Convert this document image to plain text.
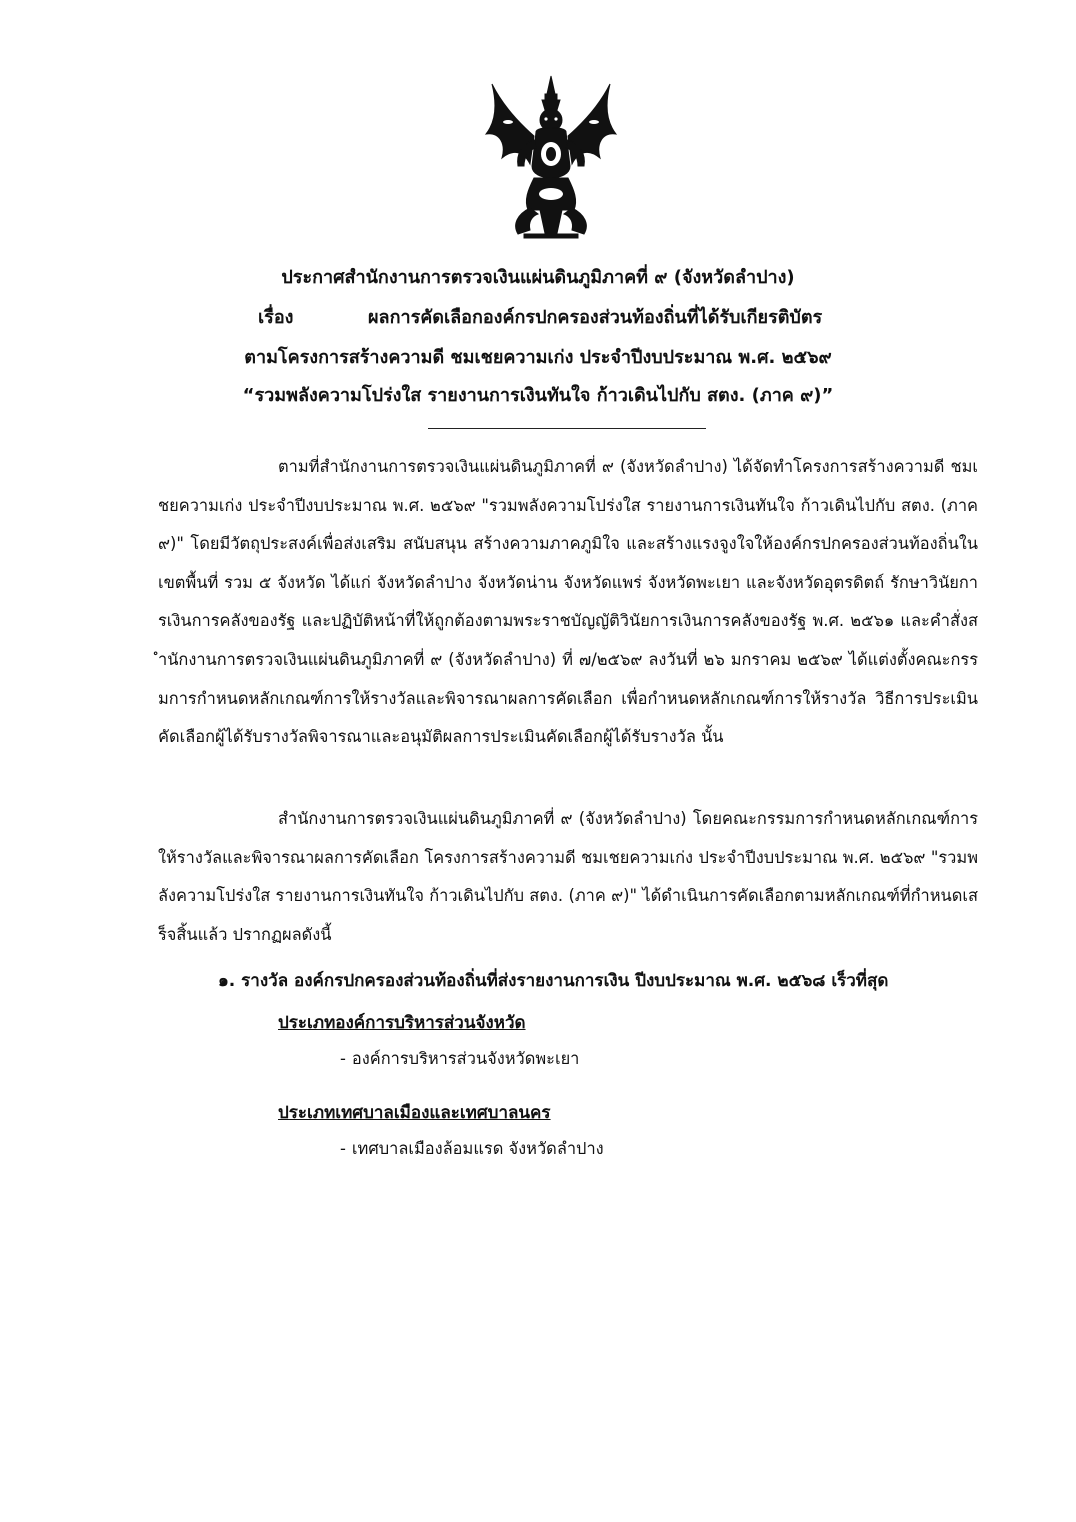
ประกาศสำนักงานการตรวจเงินแผ่นดินภูมิภาคที่ ๙ (จังหวัดลำปาง)
เรื่อง	ผลการคัดเลือกองค์กรปกครองส่วนท้องถิ่นที่ได้รับเกียรติบัตร
ตามโครงการสร้างความดี ชมเชยความเก่ง ประจำปีงบประมาณ พ.ศ. ๒๕๖๙
“รวมพลังความโปร่งใส รายงานการเงินทันใจ ก้าวเดินไปกับ สตง. (ภาค ๙)”
ตามที่สำนักงานการตรวจเงินแผ่นดินภูมิภาคที่ ๙ (จังหวัดลำปาง) ได้จัดทำโครงการสร้างความดี ชมเชยความเก่ง ประจำปีงบประมาณ พ.ศ. ๒๕๖๙ "รวมพลังความโปร่งใส รายงานการเงินทันใจ ก้าวเดินไปกับ สตง. (ภาค ๙)" โดยมีวัตถุประสงค์เพื่อส่งเสริม สนับสนุน สร้างความภาคภูมิใจ และสร้างแรงจูงใจให้องค์กรปกครองส่วนท้องถิ่นในเขตพื้นที่ รวม ๕ จังหวัด ได้แก่ จังหวัดลำปาง จังหวัดน่าน จังหวัดแพร่ จังหวัดพะเยา และจังหวัดอุตรดิตถ์ รักษาวินัยการเงินการคลังของรัฐ และปฏิบัติหน้าที่ให้ถูกต้องตามพระราชบัญญัติวินัยการเงินการคลังของรัฐ พ.ศ. ๒๕๖๑ และคำสั่งสำนักงานการตรวจเงินแผ่นดินภูมิภาคที่ ๙ (จังหวัดลำปาง) ที่ ๗/๒๕๖๙ ลงวันที่ ๒๖ มกราคม ๒๕๖๙ ได้แต่งตั้งคณะกรรมการกำหนดหลักเกณฑ์การให้รางวัลและพิจารณาผลการคัดเลือก เพื่อกำหนดหลักเกณฑ์การให้รางวัล วิธีการประเมินคัดเลือกผู้ได้รับรางวัลพิจารณาและอนุมัติผลการประเมินคัดเลือกผู้ได้รับรางวัล นั้น
สำนักงานการตรวจเงินแผ่นดินภูมิภาคที่ ๙ (จังหวัดลำปาง) โดยคณะกรรมการกำหนดหลักเกณฑ์การให้รางวัลและพิจารณาผลการคัดเลือก โครงการสร้างความดี ชมเชยความเก่ง ประจำปีงบประมาณ พ.ศ. ๒๕๖๙ "รวมพลังความโปร่งใส รายงานการเงินทันใจ ก้าวเดินไปกับ สตง. (ภาค ๙)" ได้ดำเนินการคัดเลือกตามหลักเกณฑ์ที่กำหนดเสร็จสิ้นแล้ว ปรากฏผลดังนี้
๑. รางวัล องค์กรปกครองส่วนท้องถิ่นที่ส่งรายงานการเงิน ปีงบประมาณ พ.ศ. ๒๕๖๘ เร็วที่สุด
ประเภทองค์การบริหารส่วนจังหวัด
- องค์การบริหารส่วนจังหวัดพะเยา
ประเภทเทศบาลเมืองและเทศบาลนคร
- เทศบาลเมืองล้อมแรด จังหวัดลำปาง
